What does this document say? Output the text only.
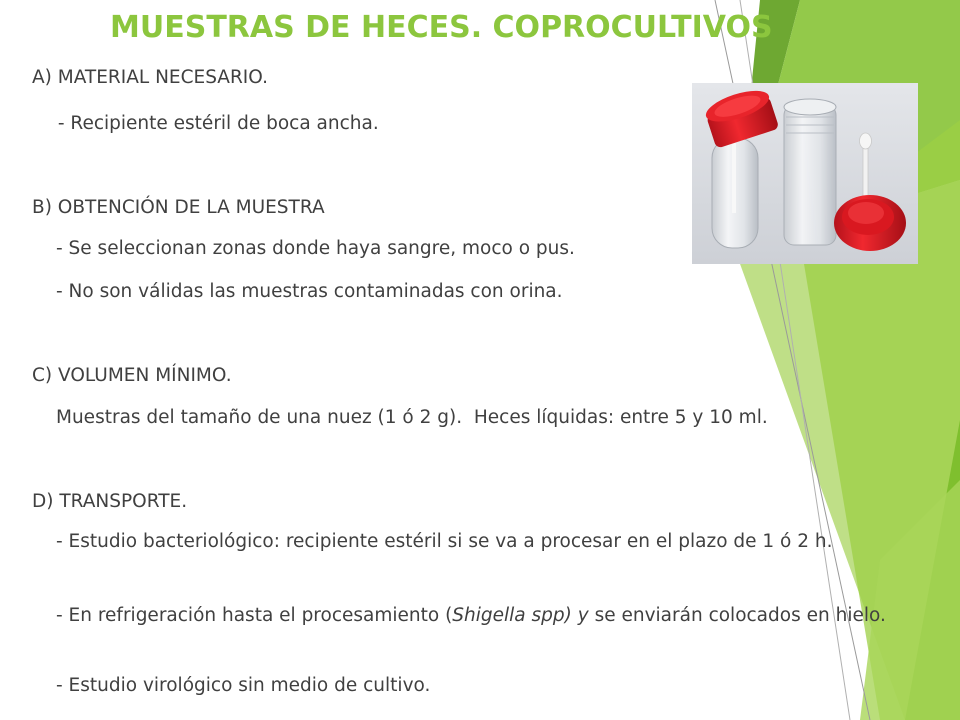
MUESTRAS DE HECES. COPROCULTIVOS

A) MATERIAL NECESARIO.

- Recipiente estéril de boca ancha.

B) OBTENCIÓN DE LA MUESTRA

- Se seleccionan zonas donde haya sangre, moco o pus.

- No son válidas las muestras contaminadas con orina.

C) VOLUMEN MÍNIMO.

Muestras del tamaño de una nuez (1 ó 2 g).  Heces líquidas: entre 5 y 10 ml.

D) TRANSPORTE.

- Estudio bacteriológico: recipiente estéril si se va a procesar en el plazo de 1 ó 2 h.

- En refrigeración hasta el procesamiento (Shigella spp) y se enviarán colocados en hielo.

- Estudio virológico sin medio de cultivo.
